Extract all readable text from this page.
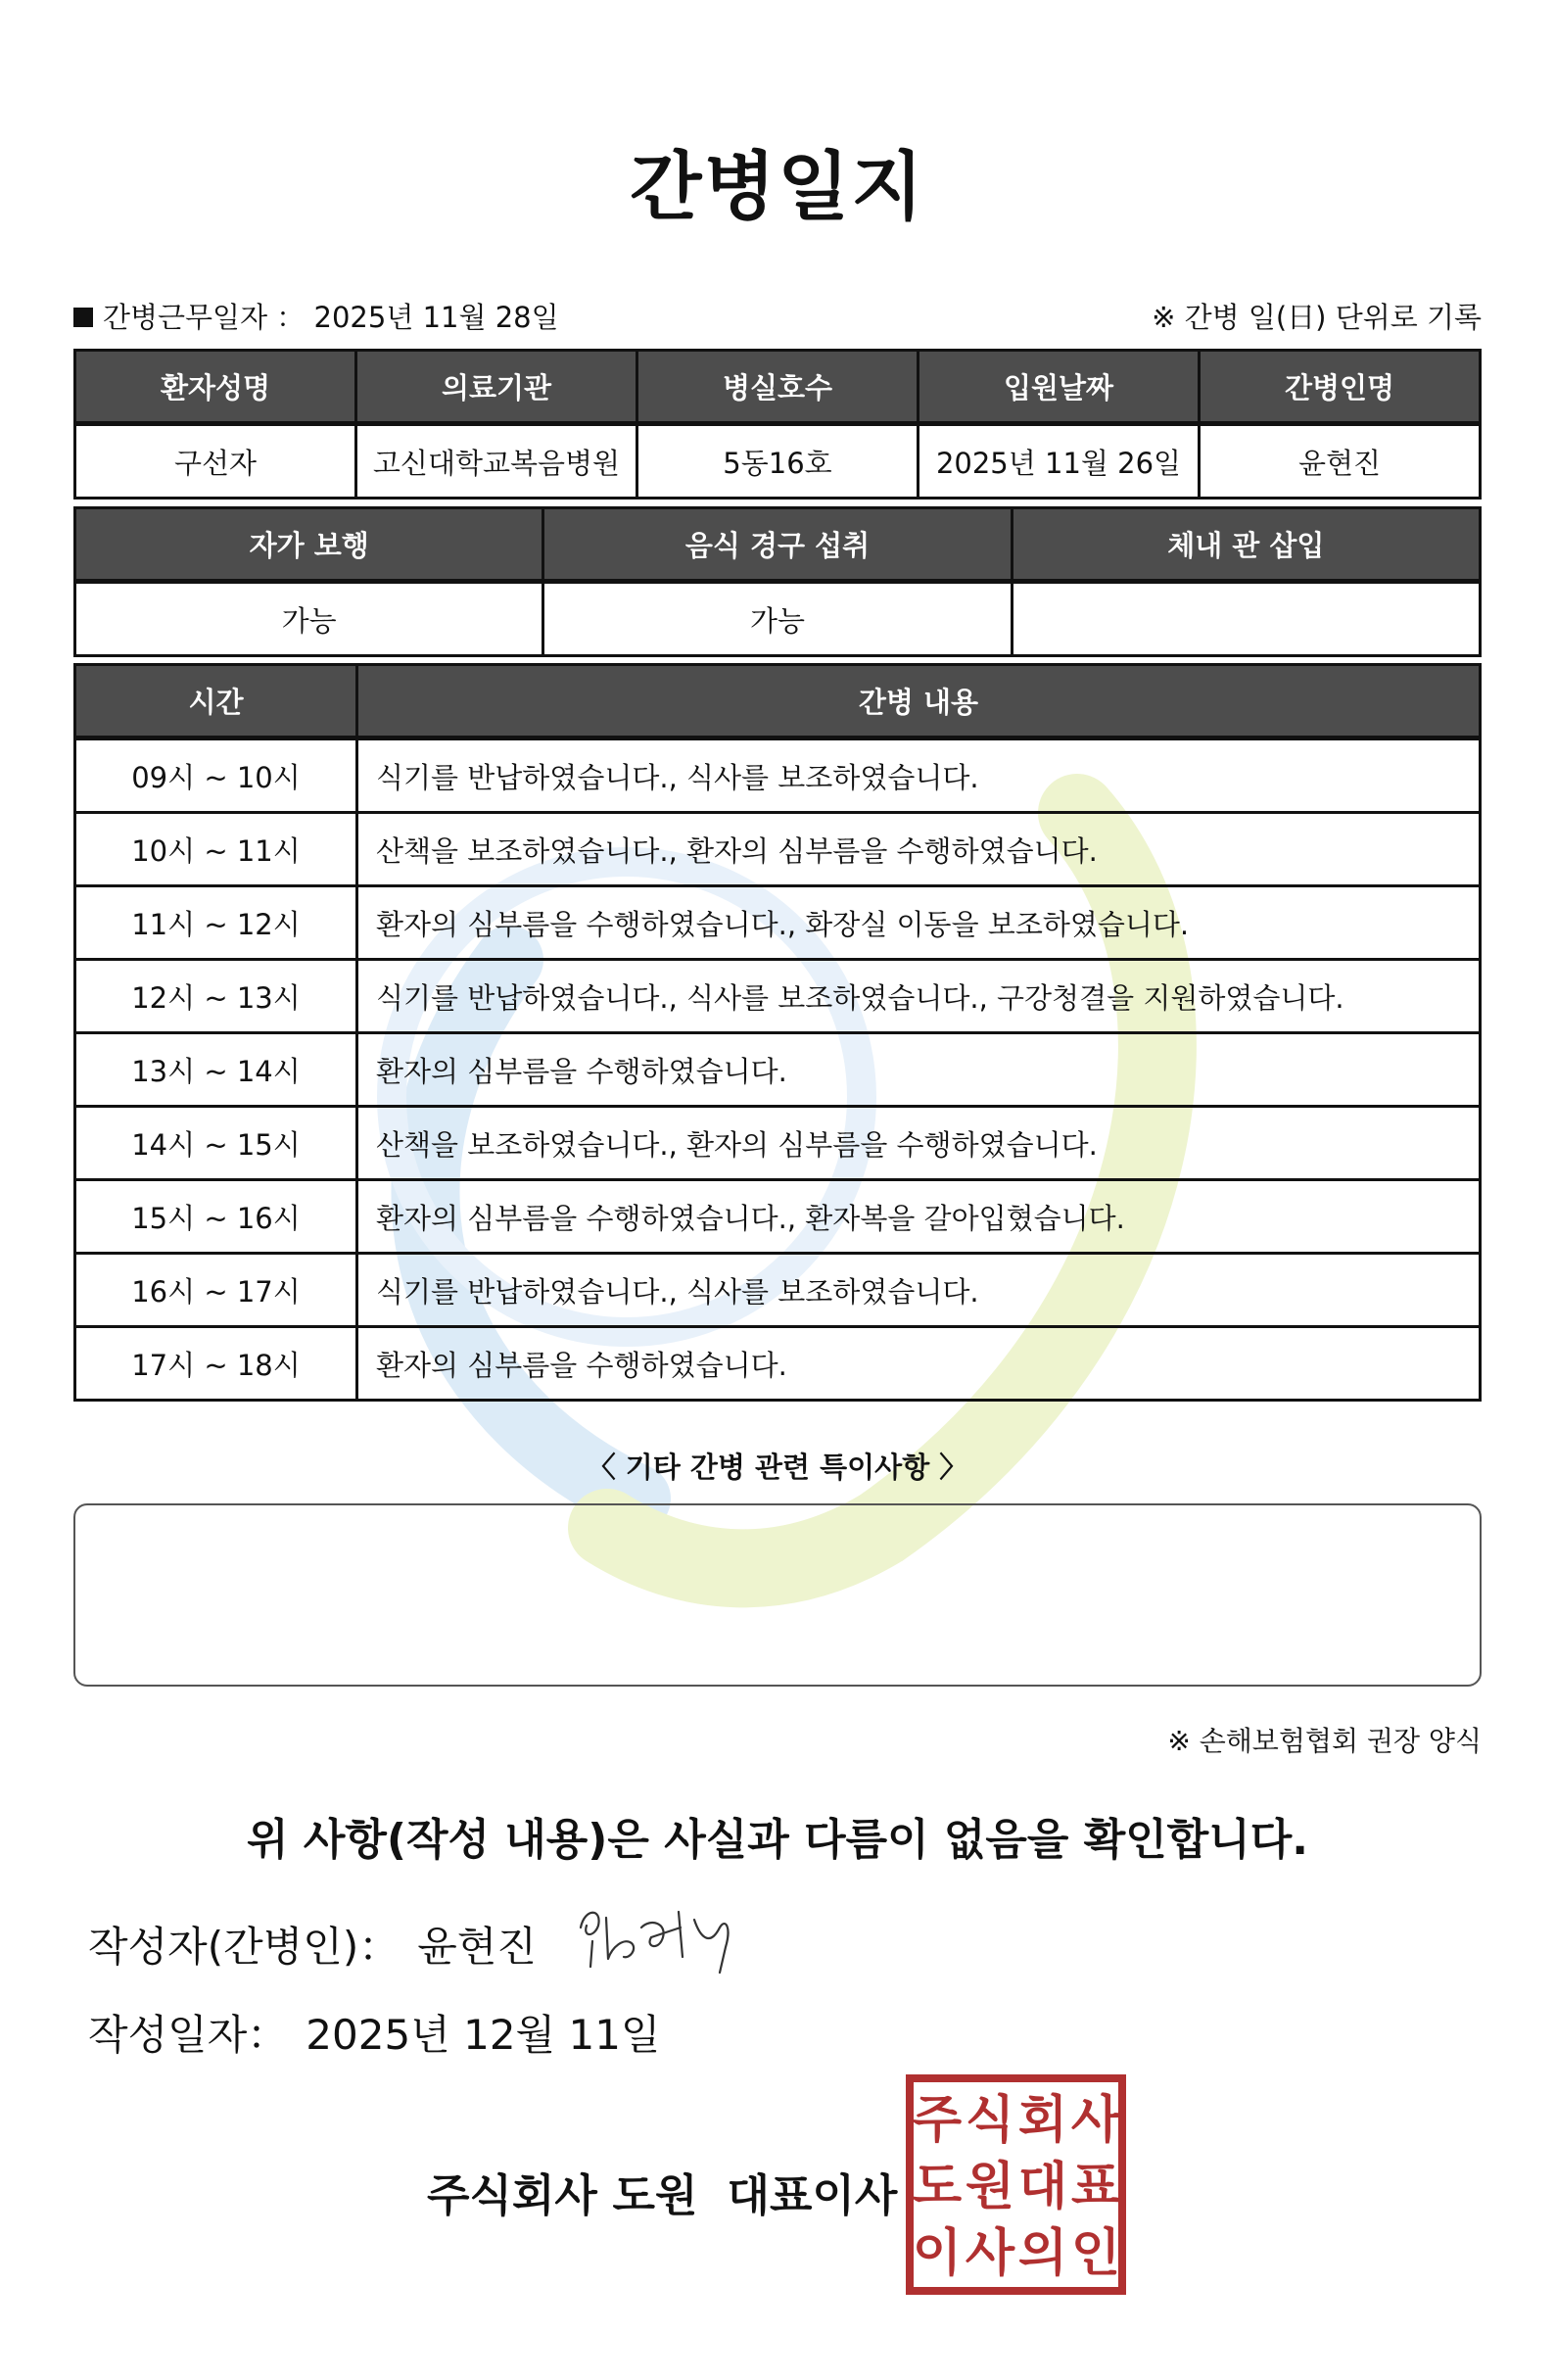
간병일지
간병근무일자 ： 2025년 11월 28일	※ 간병 일(日) 단위로 기록
환자성명	의료기관	병실호수	입원날짜	간병인명
구선자	고신대학교복음병원	5동16호	2025년 11월 26일	윤현진
자가 보행	음식 경구 섭취	체내 관 삽입
가능	가능	
시간	간병 내용
09시 ~ 10시	식기를 반납하였습니다., 식사를 보조하였습니다.
10시 ~ 11시	산책을 보조하였습니다., 환자의 심부름을 수행하였습니다.
11시 ~ 12시	환자의 심부름을 수행하였습니다., 화장실 이동을 보조하였습니다.
12시 ~ 13시	식기를 반납하였습니다., 식사를 보조하였습니다., 구강청결을 지원하였습니다.
13시 ~ 14시	환자의 심부름을 수행하였습니다.
14시 ~ 15시	산책을 보조하였습니다., 환자의 심부름을 수행하였습니다.
15시 ~ 16시	환자의 심부름을 수행하였습니다., 환자복을 갈아입혔습니다.
16시 ~ 17시	식기를 반납하였습니다., 식사를 보조하였습니다.
17시 ~ 18시	환자의 심부름을 수행하였습니다.
〈 기타 간병 관련 특이사항 〉
※ 손해보험협회 권장 양식
위 사항(작성 내용)은 사실과 다름이 없음을 확인합니다.
작성자(간병인)： 윤현진
작성일자： 2025년 12월 11일
주식회사 도원 대표이사
주 식 회 사
도 원 대 표
이 사 의 인
